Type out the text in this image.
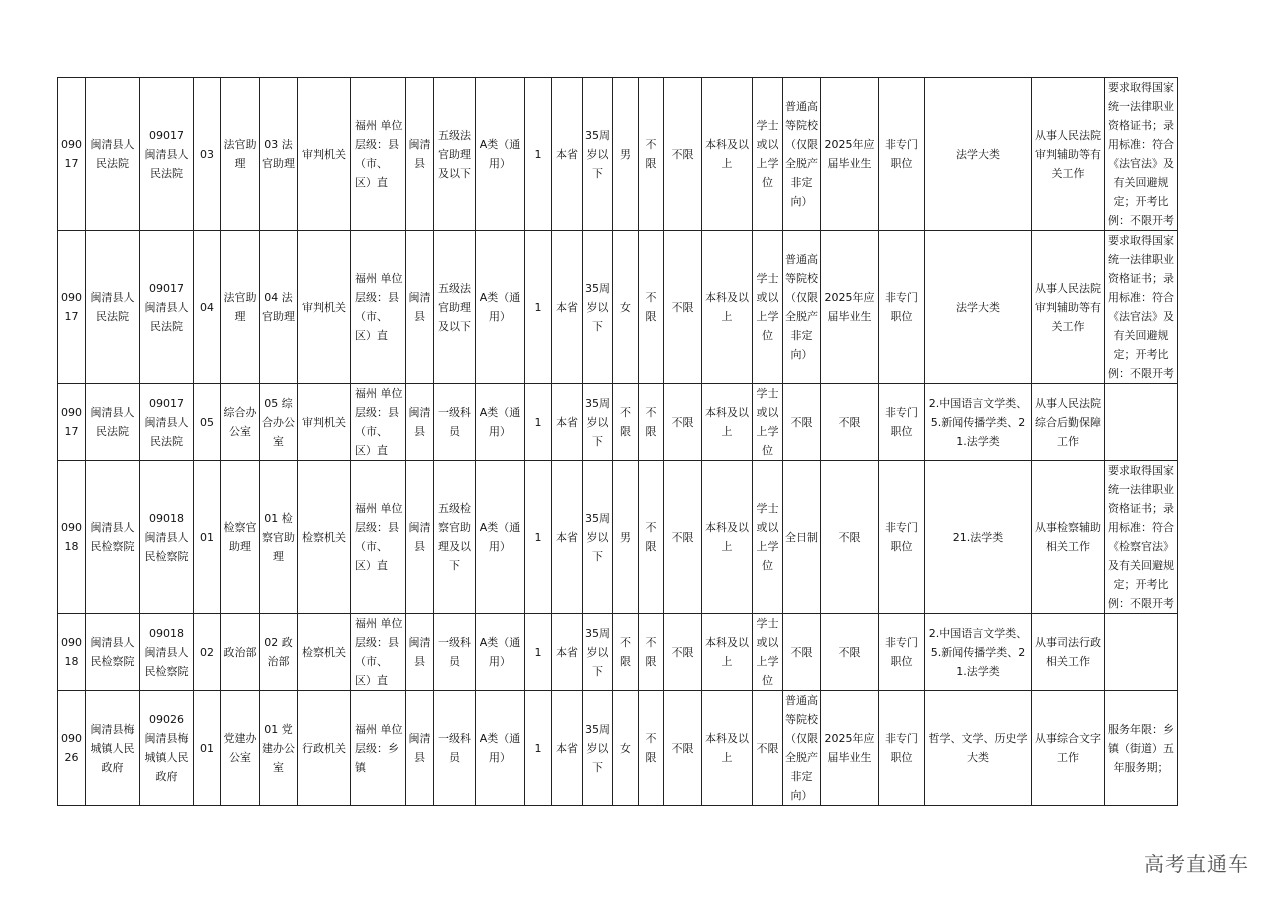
09017	闽清县人民法院	09017 闽清县人民法院	03	法官助理	03 法官助理	审判机关	福州 单位层级：县（市、区）直	闽清县	五级法官助理及以下	A类（通用）	1	本省	35周岁以下	男	不限	不限	本科及以上	学士或以上学位	普通高等院校（仅限全脱产非定向）	2025年应届毕业生	非专门职位	法学大类	从事人民法院审判辅助等有关工作	要求取得国家统一法律职业资格证书；录用标准：符合《法官法》及有关回避规定；开考比例：不限开考
09017	闽清县人民法院	09017 闽清县人民法院	04	法官助理	04 法官助理	审判机关	福州 单位层级：县（市、区）直	闽清县	五级法官助理及以下	A类（通用）	1	本省	35周岁以下	女	不限	不限	本科及以上	学士或以上学位	普通高等院校（仅限全脱产非定向）	2025年应届毕业生	非专门职位	法学大类	从事人民法院审判辅助等有关工作	要求取得国家统一法律职业资格证书；录用标准：符合《法官法》及有关回避规定；开考比例：不限开考
09017	闽清县人民法院	09017 闽清县人民法院	05	综合办公室	05 综合办公室	审判机关	福州 单位层级：县（市、区）直	闽清县	一级科员	A类（通用）	1	本省	35周岁以下	不限	不限	不限	本科及以上	学士或以上学位	不限	不限	非专门职位	2.中国语言文学类、5.新闻传播学类、21.法学类	从事人民法院综合后勤保障工作	
09018	闽清县人民检察院	09018 闽清县人民检察院	01	检察官助理	01 检察官助理	检察机关	福州 单位层级：县（市、区）直	闽清县	五级检察官助理及以下	A类（通用）	1	本省	35周岁以下	男	不限	不限	本科及以上	学士或以上学位	全日制	不限	非专门职位	21.法学类	从事检察辅助相关工作	要求取得国家统一法律职业资格证书；录用标准：符合《检察官法》及有关回避规定；开考比例：不限开考
09018	闽清县人民检察院	09018 闽清县人民检察院	02	政治部	02 政治部	检察机关	福州 单位层级：县（市、区）直	闽清县	一级科员	A类（通用）	1	本省	35周岁以下	不限	不限	不限	本科及以上	学士或以上学位	不限	不限	非专门职位	2.中国语言文学类、5.新闻传播学类、21.法学类	从事司法行政相关工作	
09026	闽清县梅城镇人民政府	09026 闽清县梅城镇人民政府	01	党建办公室	01 党建办公室	行政机关	福州 单位层级：乡镇	闽清县	一级科员	A类（通用）	1	本省	35周岁以下	女	不限	不限	本科及以上	不限	普通高等院校（仅限全脱产非定向）	2025年应届毕业生	非专门职位	哲学、文学、历史学大类	从事综合文字工作	服务年限：乡镇（街道）五年服务期；
高考直通车
